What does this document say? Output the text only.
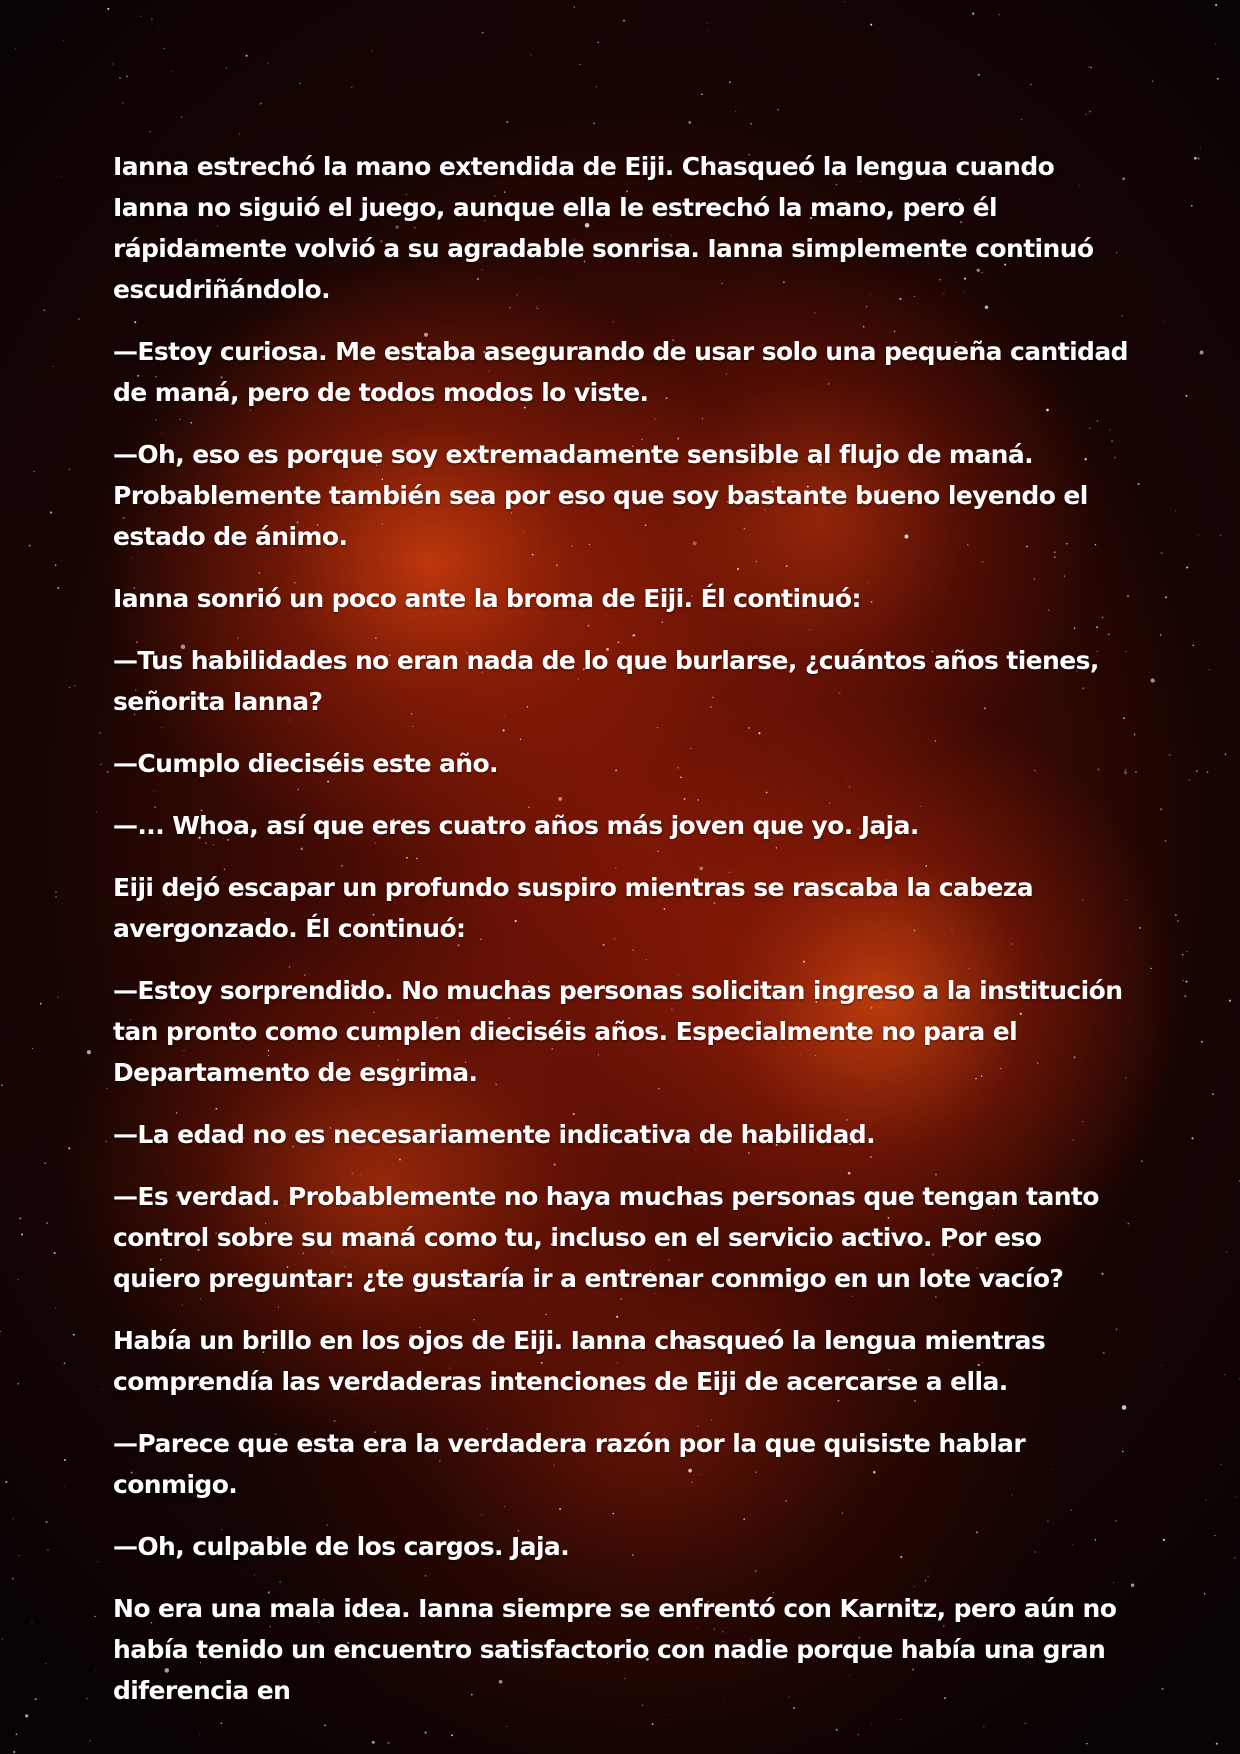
Ianna estrechó la mano extendida de Eiji. Chasqueó la lengua cuando Ianna no siguió el juego, aunque ella le estrechó la mano, pero él rápidamente volvió a su agradable sonrisa. Ianna simplemente continuó escudriñándolo.

—Estoy curiosa. Me estaba asegurando de usar solo una pequeña cantidad de maná, pero de todos modos lo viste.

—Oh, eso es porque soy extremadamente sensible al flujo de maná. Probablemente también sea por eso que soy bastante bueno leyendo el estado de ánimo.

Ianna sonrió un poco ante la broma de Eiji. Él continuó:

—Tus habilidades no eran nada de lo que burlarse, ¿cuántos años tienes, señorita Ianna?

—Cumplo dieciséis este año.

—... Whoa, así que eres cuatro años más joven que yo. Jaja.

Eiji dejó escapar un profundo suspiro mientras se rascaba la cabeza avergonzado. Él continuó:

—Estoy sorprendido. No muchas personas solicitan ingreso a la institución tan pronto como cumplen dieciséis años. Especialmente no para el Departamento de esgrima.

—La edad no es necesariamente indicativa de habilidad.

—Es verdad. Probablemente no haya muchas personas que tengan tanto control sobre su maná como tu, incluso en el servicio activo. Por eso quiero preguntar: ¿te gustaría ir a entrenar conmigo en un lote vacío?

Había un brillo en los ojos de Eiji. Ianna chasqueó la lengua mientras comprendía las verdaderas intenciones de Eiji de acercarse a ella.

—Parece que esta era la verdadera razón por la que quisiste hablar conmigo.

—Oh, culpable de los cargos. Jaja.

No era una mala idea. Ianna siempre se enfrentó con Karnitz, pero aún no había tenido un encuentro satisfactorio con nadie porque había una gran diferencia en
